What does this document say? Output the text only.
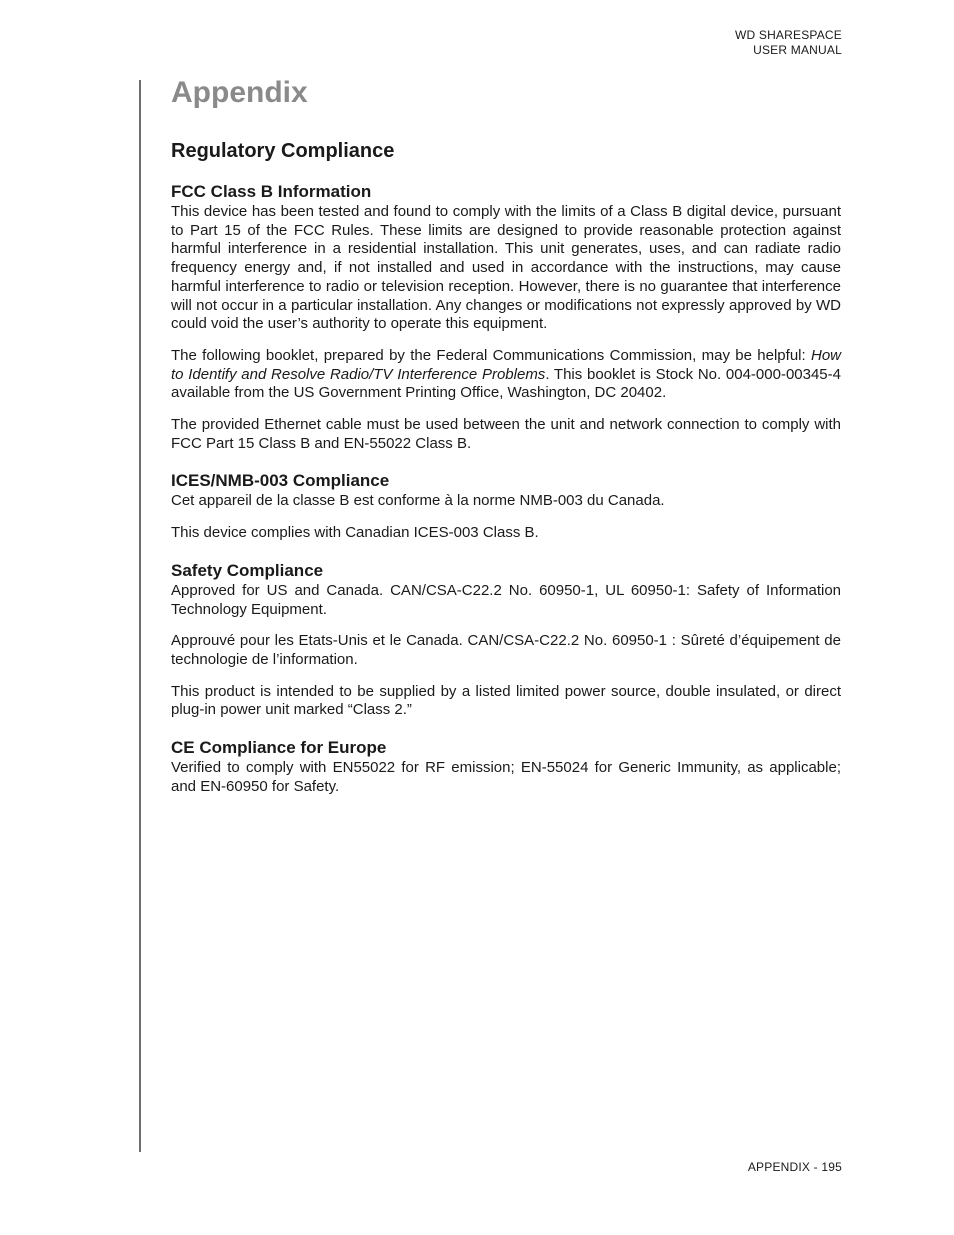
WD SHARESPACE
USER MANUAL
Appendix
Regulatory Compliance
FCC Class B Information

This device has been tested and found to comply with the limits of a Class B digital device, pursuant to Part 15 of the FCC Rules. These limits are designed to provide reasonable protection against harmful interference in a residential installation. This unit generates, uses, and can radiate radio frequency energy and, if not installed and used in accordance with the instructions, may cause harmful interference to radio or television reception. However, there is no guarantee that interference will not occur in a particular installation. Any changes or modifications not expressly approved by WD could void the user’s authority to operate this equipment.

The following booklet, prepared by the Federal Communications Commission, may be helpful: How to Identify and Resolve Radio/TV Interference Problems. This booklet is Stock No. 004-000-00345-4 available from the US Government Printing Office, Washington, DC 20402.

The provided Ethernet cable must be used between the unit and network connection to comply with FCC Part 15 Class B and EN-55022 Class B.

ICES/NMB-003 Compliance

Cet appareil de la classe B est conforme à la norme NMB-003 du Canada.

This device complies with Canadian ICES-003 Class B.

Safety Compliance

Approved for US and Canada. CAN/CSA-C22.2 No. 60950-1, UL 60950-1: Safety of Information Technology Equipment.

Approuvé pour les Etats-Unis et le Canada. CAN/CSA-C22.2 No. 60950-1 : Sûreté d’équipement de technologie de l’information.

This product is intended to be supplied by a listed limited power source, double insulated, or direct plug-in power unit marked “Class 2.”

CE Compliance for Europe

Verified to comply with EN55022 for RF emission; EN-55024 for Generic Immunity, as applicable; and EN-60950 for Safety.

APPENDIX - 195
